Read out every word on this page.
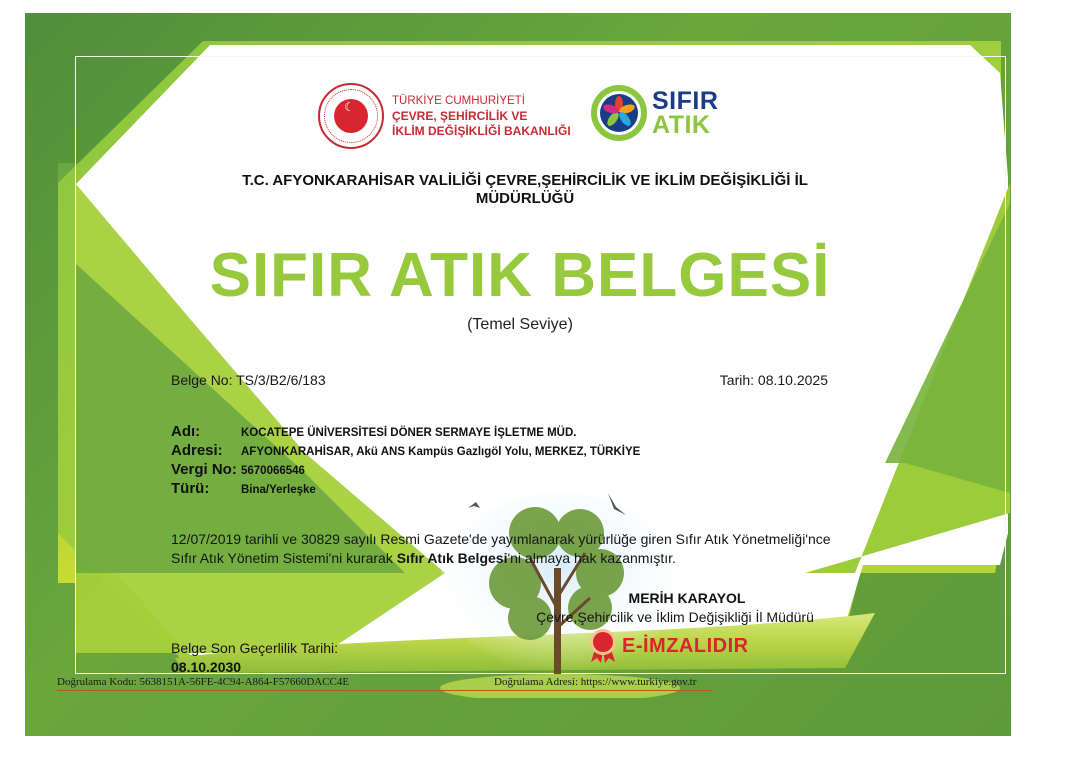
☾
TÜRKİYE CUMHURİYETİ
ÇEVRE, ŞEHİRCİLİK VE
İKLİM DEĞİŞİKLİĞİ BAKANLIĞI
SIFIR
ATIK
T.C. AFYONKARAHİSAR VALİLİĞİ ÇEVRE,ŞEHİRCİLİK VE İKLİM DEĞİŞİKLİĞİ İL MÜDÜRLÜĞÜ
SIFIR ATIK BELGESİ
(Temel Seviye)
Belge No: TS/3/B2/6/183	Tarih: 08.10.2025
Adı:	KOCATEPE ÜNİVERSİTESİ DÖNER SERMAYE İŞLETME MÜD.
Adresi:	AFYONKARAHİSAR, Akü ANS Kampüs Gazlıgöl Yolu, MERKEZ, TÜRKİYE
Vergi No: 5670066546
Türü:	Bina/Yerleşke
12/07/2019 tarihli ve 30829 sayılı Resmi Gazete'de yayımlanarak yürürlüğe giren Sıfır Atık Yönetmeliği'nce Sıfır Atık Yönetim Sistemi'ni kurarak Sıfır Atık Belgesi'ni almaya hak kazanmıştır.
MERİH KARAYOL
Çevre,Şehircilik ve İklim Değişikliği İl Müdürü
E-İMZALIDIR
Belge Son Geçerlilik Tarihi:
08.10.2030
Doğrulama Kodu: 5638151A-56FE-4C94-A864-F57660DACC4E	Doğrulama Adresi: https://www.turkiye.gov.tr
